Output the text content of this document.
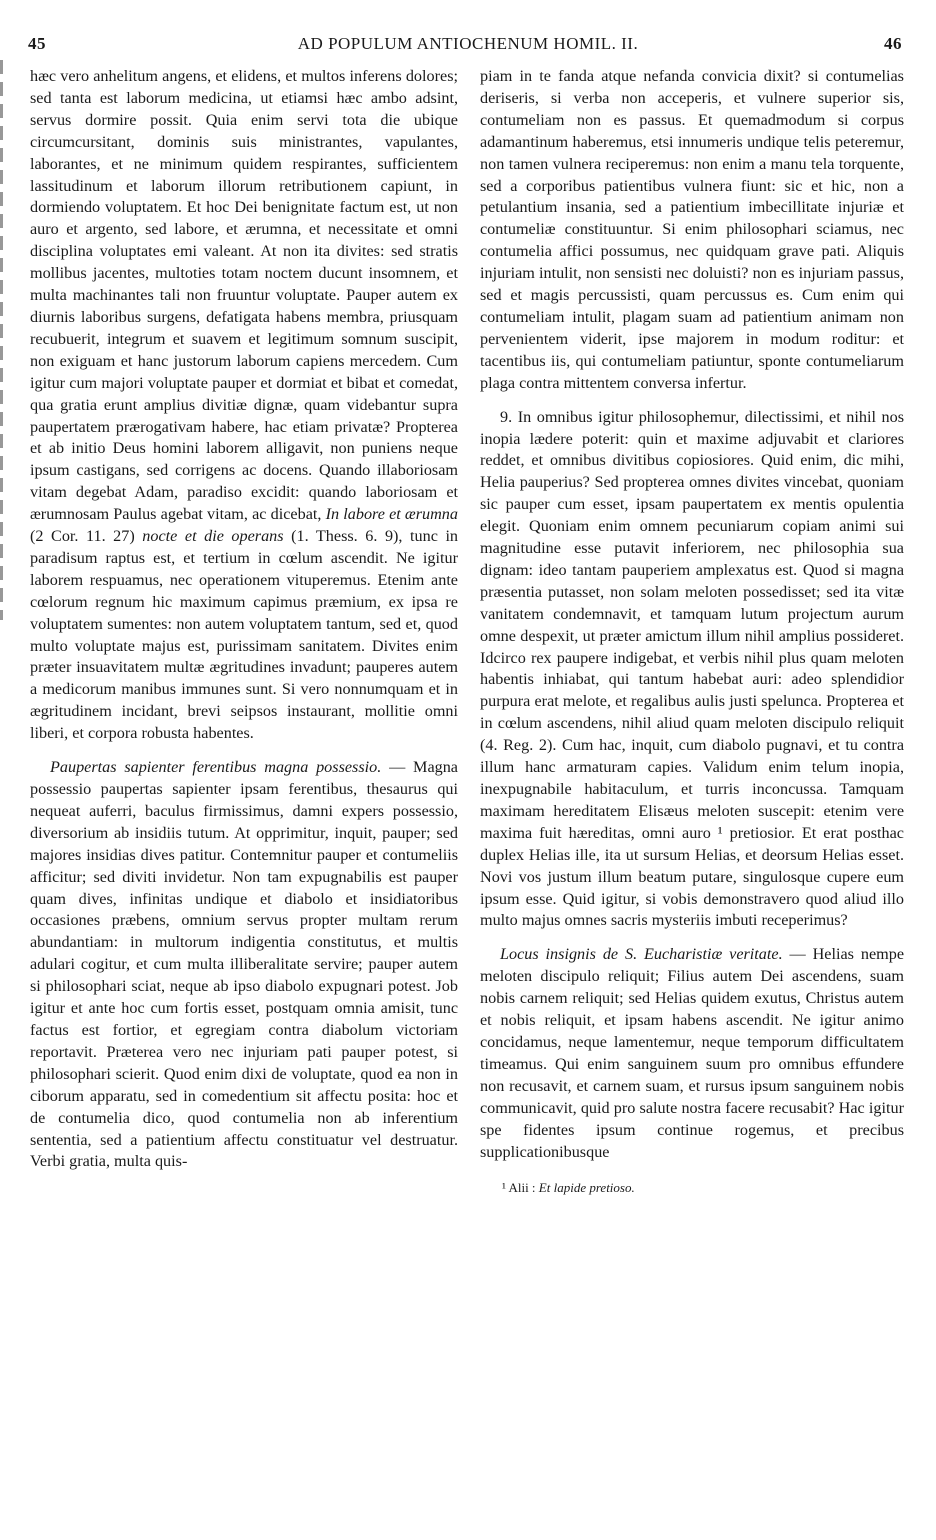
45	AD POPULUM ANTIOCHENUM HOMIL. II.	46

hæc vero anhelitum angens, et elidens, et multos inferens dolores; sed tanta est laborum medicina, ut etiamsi hæc ambo adsint, servus dormire possit. Quia enim servi tota die ubique circumcursitant, dominis suis ministrantes, vapulantes, laborantes, et ne minimum quidem respirantes, sufficientem lassitudinum et laborum illorum retributionem capiunt, in dormiendo voluptatem. Et hoc Dei benignitate factum est, ut non auro et argento, sed labore, et ærumna, et necessitate et omni disciplina voluptates emi valeant. At non ita divites: sed stratis mollibus jacentes, multoties totam noctem ducunt insomnem, et multa machinantes tali non fruuntur voluptate. Pauper autem ex diurnis laboribus surgens, defatigata habens membra, priusquam recubuerit, integrum et suavem et legitimum somnum suscipit, non exiguam et hanc justorum laborum capiens mercedem. Cum igitur cum majori voluptate pauper et dormiat et bibat et comedat, qua gratia erunt amplius divitiæ dignæ, quam videbantur supra paupertatem prærogativam habere, hac etiam privatæ? Propterea et ab initio Deus homini laborem alligavit, non puniens neque ipsum castigans, sed corrigens ac docens. Quando illaboriosam vitam degebat Adam, paradiso excidit: quando laboriosam et ærumnosam Paulus agebat vitam, ac dicebat, In labore et ærumna (2 Cor. 11. 27) nocte et die operans (1. Thess. 6. 9), tunc in paradisum raptus est, et tertium in cœlum ascendit. Ne igitur laborem respuamus, nec operationem vituperemus. Etenim ante cœlorum regnum hic maximum capimus præmium, ex ipsa re voluptatem sumentes: non autem voluptatem tantum, sed et, quod multo voluptate majus est, purissimam sanitatem. Divites enim præter insuavitatem multæ ægritudines invadunt; pauperes autem a medicorum manibus immunes sunt. Si vero nonnumquam et in ægritudinem incidant, brevi seipsos instaurant, mollitie omni liberi, et corpora robusta habentes.

Paupertas sapienter ferentibus magna possessio. — Magna possessio paupertas sapienter ipsam ferentibus, thesaurus qui nequeat auferri, baculus firmissimus, damni expers possessio, diversorium ab insidiis tutum. At opprimitur, inquit, pauper; sed majores insidias dives patitur. Contemnitur pauper et contumeliis afficitur; sed diviti invidetur. Non tam expugnabilis est pauper quam dives, infinitas undique et diabolo et insidiatoribus occasiones præbens, omnium servus propter multam rerum abundantiam: in multorum indigentia constitutus, et multis adulari cogitur, et cum multa illiberalitate servire; pauper autem si philosophari sciat, neque ab ipso diabolo expugnari potest. Job igitur et ante hoc cum fortis esset, postquam omnia amisit, tunc factus est fortior, et egregiam contra diabolum victoriam reportavit. Præterea vero nec injuriam pati pauper potest, si philosophari scierit. Quod enim dixi de voluptate, quod ea non in ciborum apparatu, sed in comedentium sit affectu posita: hoc et de contumelia dico, quod contumelia non ab inferentium sententia, sed a patientium affectu constituatur vel destruatur. Verbi gratia, multa quis-

piam in te fanda atque nefanda convicia dixit? si contumelias deriseris, si verba non acceperis, et vulnere superior sis, contumeliam non es passus. Et quemadmodum si corpus adamantinum haberemus, etsi innumeris undique telis peteremur, non tamen vulnera reciperemus: non enim a manu tela torquente, sed a corporibus patientibus vulnera fiunt: sic et hic, non a petulantium insania, sed a patientium imbecillitate injuriæ et contumeliæ constituuntur. Si enim philosophari sciamus, nec contumelia affici possumus, nec quidquam grave pati. Aliquis injuriam intulit, non sensisti nec doluisti? non es injuriam passus, sed et magis percussisti, quam percussus es. Cum enim qui contumeliam intulit, plagam suam ad patientium animam non pervenientem viderit, ipse majorem in modum roditur: et tacentibus iis, qui contumeliam patiuntur, sponte contumeliarum plaga contra mittentem conversa infertur.

9. In omnibus igitur philosophemur, dilectissimi, et nihil nos inopia lædere poterit: quin et maxime adjuvabit et clariores reddet, et omnibus divitibus copiosiores. Quid enim, dic mihi, Helia pauperius? Sed propterea omnes divites vincebat, quoniam sic pauper cum esset, ipsam paupertatem ex mentis opulentia elegit. Quoniam enim omnem pecuniarum copiam animi sui magnitudine esse putavit inferiorem, nec philosophia sua dignam: ideo tantam pauperiem amplexatus est. Quod si magna præsentia putasset, non solam meloten possedisset; sed ita vitæ vanitatem condemnavit, et tamquam lutum projectum aurum omne despexit, ut præter amictum illum nihil amplius possideret. Idcirco rex paupere indigebat, et verbis nihil plus quam meloten habentis inhiabat, qui tantum habebat auri: adeo splendidior purpura erat melote, et regalibus aulis justi spelunca. Propterea et in cœlum ascendens, nihil aliud quam meloten discipulo reliquit (4. Reg. 2). Cum hac, inquit, cum diabolo pugnavi, et tu contra illum hanc armaturam capies. Validum enim telum inopia, inexpugnabile habitaculum, et turris inconcussa. Tamquam maximam hereditatem Elisæus meloten suscepit: etenim vere maxima fuit hæreditas, omni auro ¹ pretiosior. Et erat posthac duplex Helias ille, ita ut sursum Helias, et deorsum Helias esset. Novi vos justum illum beatum putare, singulosque cupere eum ipsum esse. Quid igitur, si vobis demonstravero quod aliud illo multo majus omnes sacris mysteriis imbuti receperimus?

Locus insignis de S. Eucharistiæ veritate. — Helias nempe meloten discipulo reliquit; Filius autem Dei ascendens, suam nobis carnem reliquit; sed Helias quidem exutus, Christus autem et nobis reliquit, et ipsam habens ascendit. Ne igitur animo concidamus, neque lamentemur, neque temporum difficultatem timeamus. Qui enim sanguinem suum pro omnibus effundere non recusavit, et carnem suam, et rursus ipsum sanguinem nobis communicavit, quid pro salute nostra facere recusabit? Hac igitur spe fidentes ipsum continue rogemus, et precibus supplicationibusque

¹ Alii : Et lapide pretioso.
